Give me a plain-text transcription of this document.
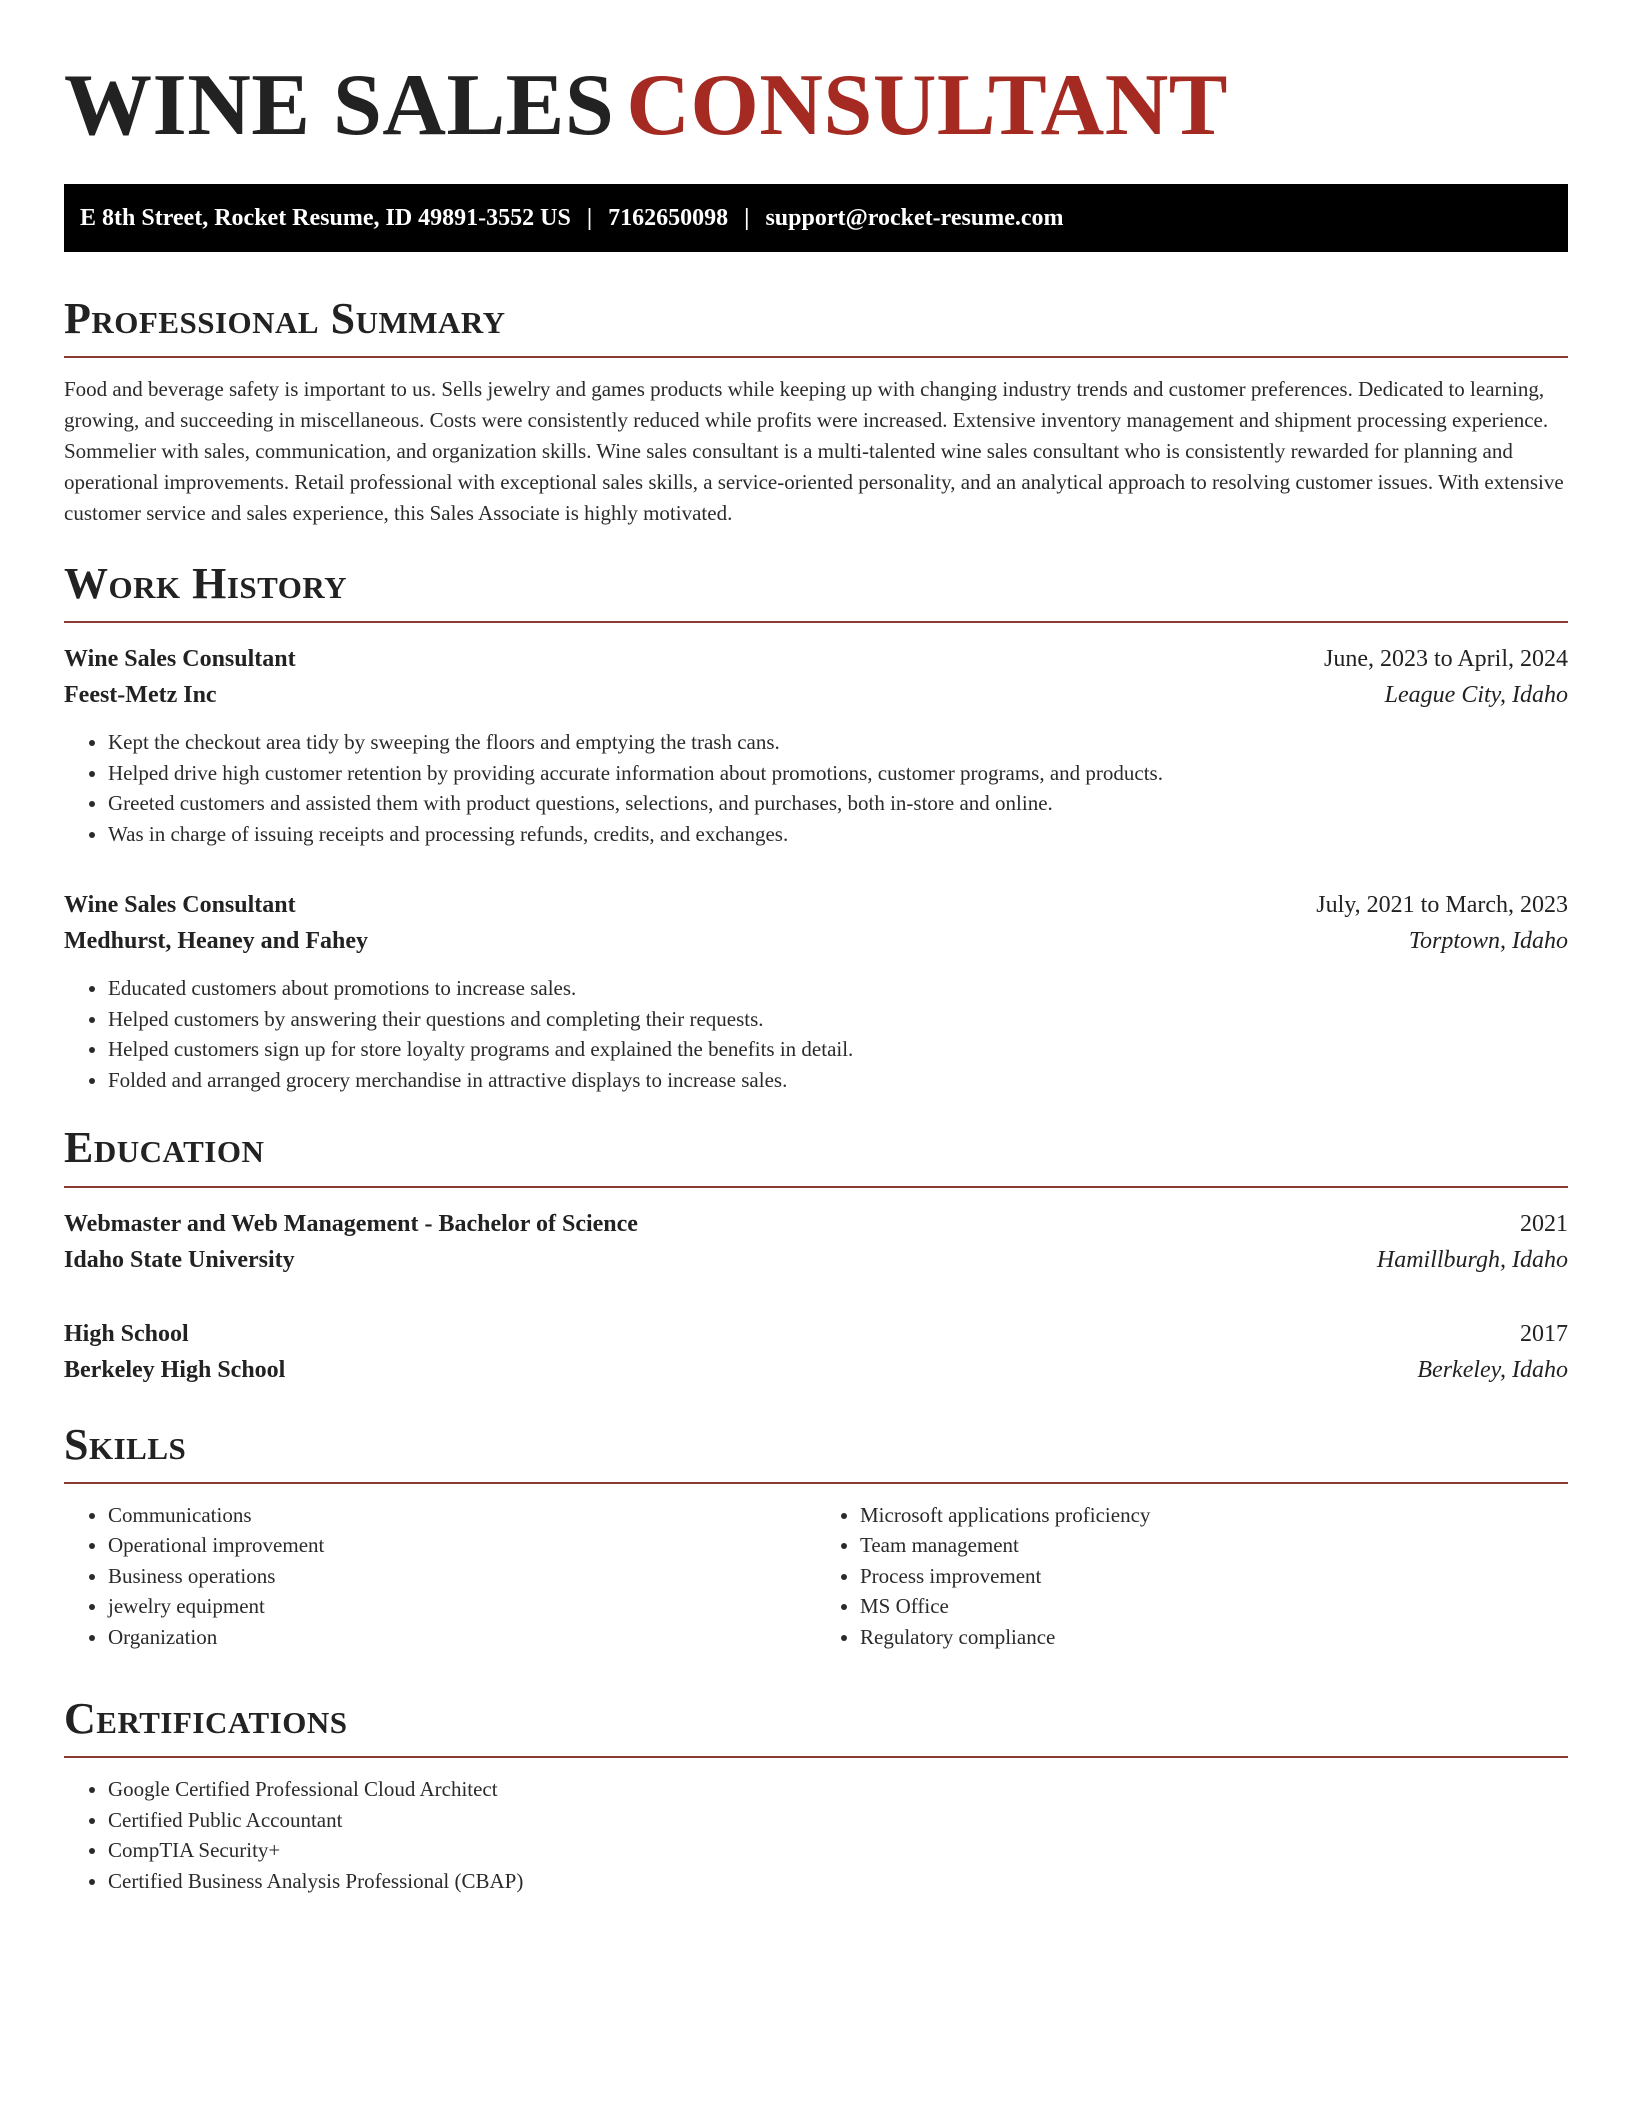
WINE SALES CONSULTANT
E 8th Street, Rocket Resume, ID 49891-3552 US | 7162650098 | support@rocket-resume.com
Professional Summary

Food and beverage safety is important to us. Sells jewelry and games products while keeping up with changing industry trends and customer preferences. Dedicated to learning, growing, and succeeding in miscellaneous. Costs were consistently reduced while profits were increased. Extensive inventory management and shipment processing experience. Sommelier with sales, communication, and organization skills. Wine sales consultant is a multi-talented wine sales consultant who is consistently rewarded for planning and operational improvements. Retail professional with exceptional sales skills, a service-oriented personality, and an analytical approach to resolving customer issues. With extensive customer service and sales experience, this Sales Associate is highly motivated.

Work History
Wine Sales Consultant	June, 2023 to April, 2024
Feest-Metz Inc	League City, Idaho
• Kept the checkout area tidy by sweeping the floors and emptying the trash cans.
• Helped drive high customer retention by providing accurate information about promotions, customer programs, and products.
• Greeted customers and assisted them with product questions, selections, and purchases, both in-store and online.
• Was in charge of issuing receipts and processing refunds, credits, and exchanges.
Wine Sales Consultant	July, 2021 to March, 2023
Medhurst, Heaney and Fahey	Torptown, Idaho
• Educated customers about promotions to increase sales.
• Helped customers by answering their questions and completing their requests.
• Helped customers sign up for store loyalty programs and explained the benefits in detail.
• Folded and arranged grocery merchandise in attractive displays to increase sales.
Education
Webmaster and Web Management - Bachelor of Science	2021
Idaho State University	Hamillburgh, Idaho
High School	2017
Berkeley High School	Berkeley, Idaho
Skills
• Communications
• Operational improvement
• Business operations
• jewelry equipment
• Organization
• Microsoft applications proficiency
• Team management
• Process improvement
• MS Office
• Regulatory compliance
Certifications
• Google Certified Professional Cloud Architect
• Certified Public Accountant
• CompTIA Security+
• Certified Business Analysis Professional (CBAP)
